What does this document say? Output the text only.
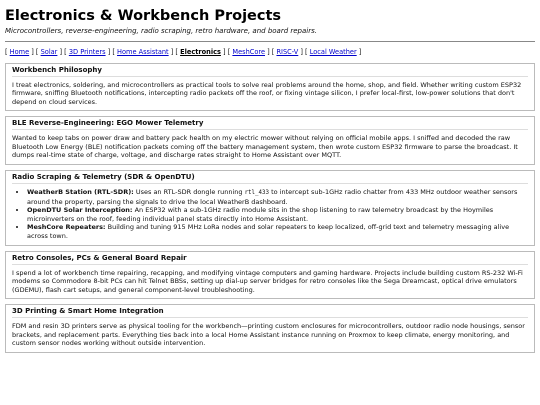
Electronics & Workbench Projects
Microcontrollers, reverse-engineering, radio scraping, retro hardware, and board repairs.
[ Home ] [ Solar ] [ 3D Printers ] [ Home Assistant ] [ Electronics ] [ MeshCore ] [ RISC-V ] [ Local Weather ]
Workbench Philosophy

I treat electronics, soldering, and microcontrollers as practical tools to solve real problems around the home, shop, and field. Whether writing custom ESP32 firmware, sniffing Bluetooth notifications, intercepting radio packets off the roof, or fixing vintage silicon, I prefer local-first, low-power solutions that don't depend on cloud services.

BLE Reverse-Engineering: EGO Mower Telemetry

Wanted to keep tabs on power draw and battery pack health on my electric mower without relying on official mobile apps. I sniffed and decoded the raw Bluetooth Low Energy (BLE) notification packets coming off the battery management system, then wrote custom ESP32 firmware to parse the broadcast. It dumps real-time state of charge, voltage, and discharge rates straight to Home Assistant over MQTT.

Radio Scraping & Telemetry (SDR & OpenDTU)
• WeatherB Station (RTL-SDR): Uses an RTL-SDR dongle running rtl_433 to intercept sub-1GHz radio chatter from 433 MHz outdoor weather sensors around the property, parsing the signals to drive the local WeatherB dashboard.
• OpenDTU Solar Interception: An ESP32 with a sub-1GHz radio module sits in the shop listening to raw telemetry broadcast by the Hoymiles microinverters on the roof, feeding individual panel stats directly into Home Assistant.
• MeshCore Repeaters: Building and tuning 915 MHz LoRa nodes and solar repeaters to keep localized, off-grid text and telemetry messaging alive across town.
Retro Consoles, PCs & General Board Repair

I spend a lot of workbench time repairing, recapping, and modifying vintage computers and gaming hardware. Projects include building custom RS-232 Wi-Fi modems so Commodore 8-bit PCs can hit Telnet BBSs, setting up dial-up server bridges for retro consoles like the Sega Dreamcast, optical drive emulators (GDEMU), flash cart setups, and general component-level troubleshooting.

3D Printing & Smart Home Integration

FDM and resin 3D printers serve as physical tooling for the workbench—printing custom enclosures for microcontrollers, outdoor radio node housings, sensor brackets, and replacement parts. Everything ties back into a local Home Assistant instance running on Proxmox to keep climate, energy monitoring, and custom sensor nodes working without outside intervention.
